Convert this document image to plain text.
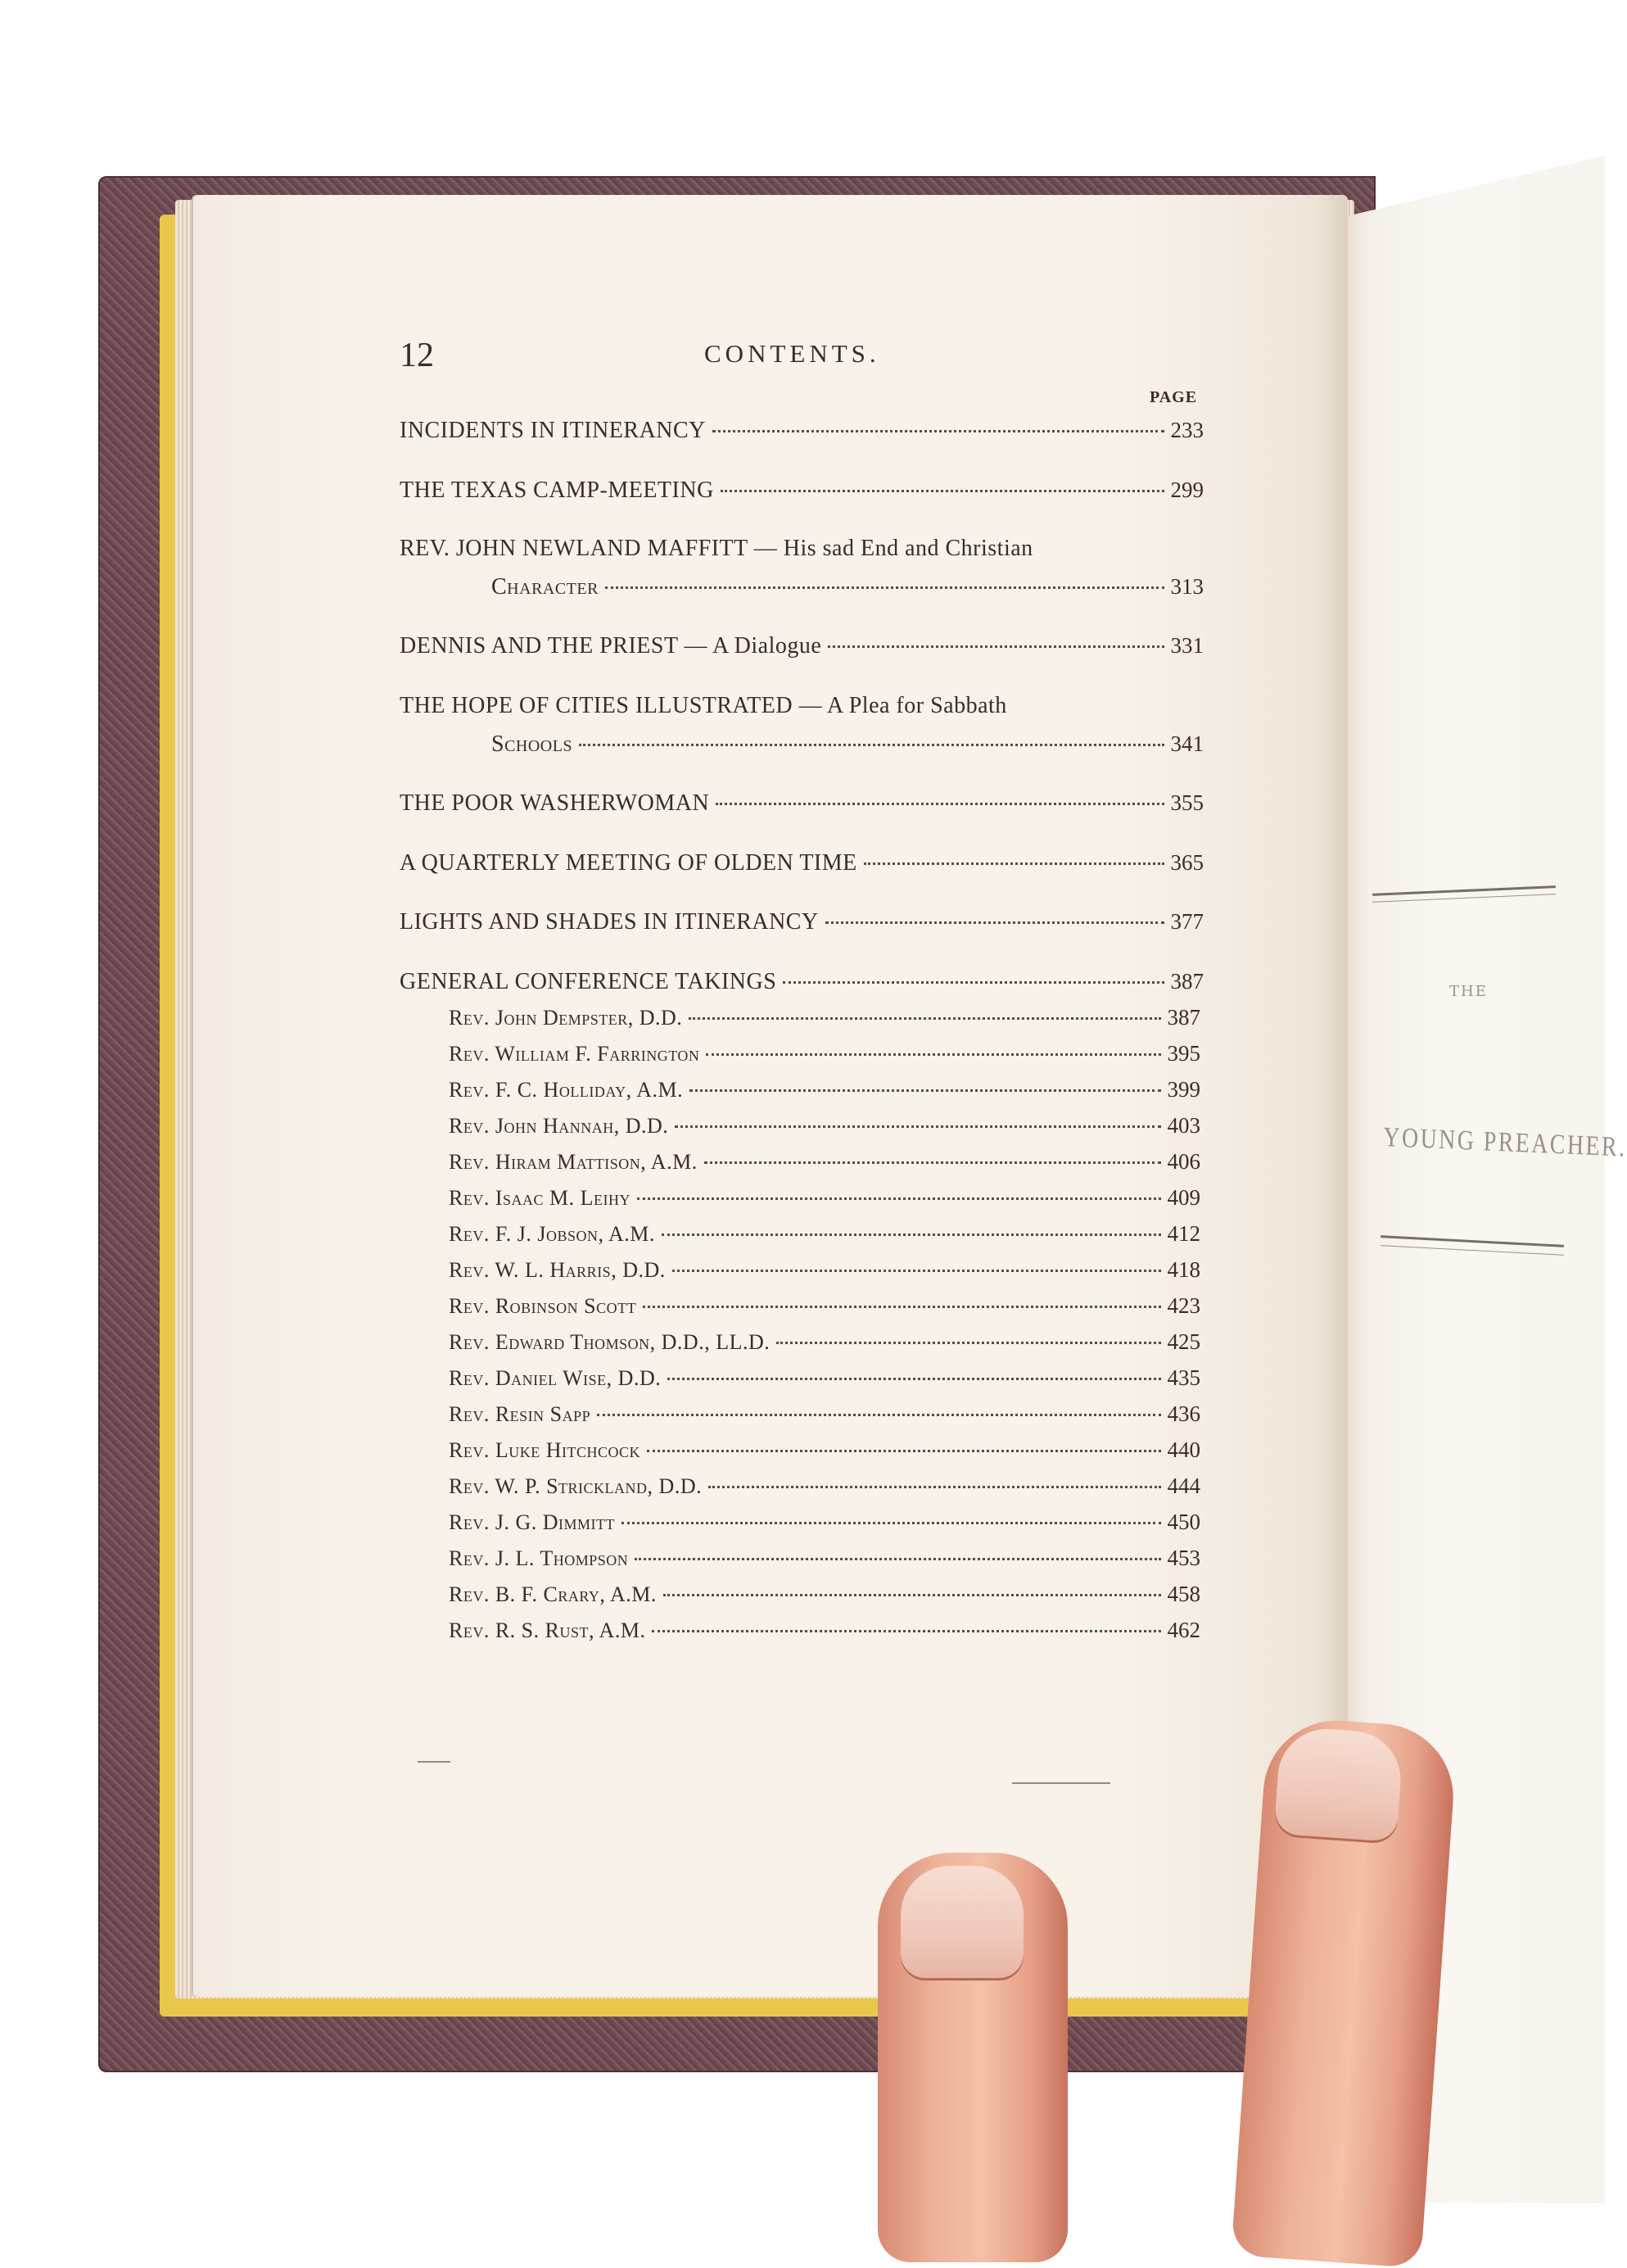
THE
YOUNG PREACHER.
12	CONTENTS.
PAGE
INCIDENTS IN ITINERANCY	233
THE TEXAS CAMP-MEETING	299
REV. JOHN NEWLAND MAFFITT — His sad End and Christian
Character	313
DENNIS AND THE PRIEST — A Dialogue	331
THE HOPE OF CITIES ILLUSTRATED — A Plea for Sabbath
Schools	341
THE POOR WASHERWOMAN	355
A QUARTERLY MEETING OF OLDEN TIME	365
LIGHTS AND SHADES IN ITINERANCY	377
GENERAL CONFERENCE TAKINGS	387
Rev. John Dempster, D.D.	387
Rev. William F. Farrington	395
Rev. F. C. Holliday, A.M.	399
Rev. John Hannah, D.D.	403
Rev. Hiram Mattison, A.M.	406
Rev. Isaac M. Leihy	409
Rev. F. J. Jobson, A.M.	412
Rev. W. L. Harris, D.D.	418
Rev. Robinson Scott	423
Rev. Edward Thomson, D.D., LL.D.	425
Rev. Daniel Wise, D.D.	435
Rev. Resin Sapp	436
Rev. Luke Hitchcock	440
Rev. W. P. Strickland, D.D.	444
Rev. J. G. Dimmitt	450
Rev. J. L. Thompson	453
Rev. B. F. Crary, A.M.	458
Rev. R. S. Rust, A.M.	462
